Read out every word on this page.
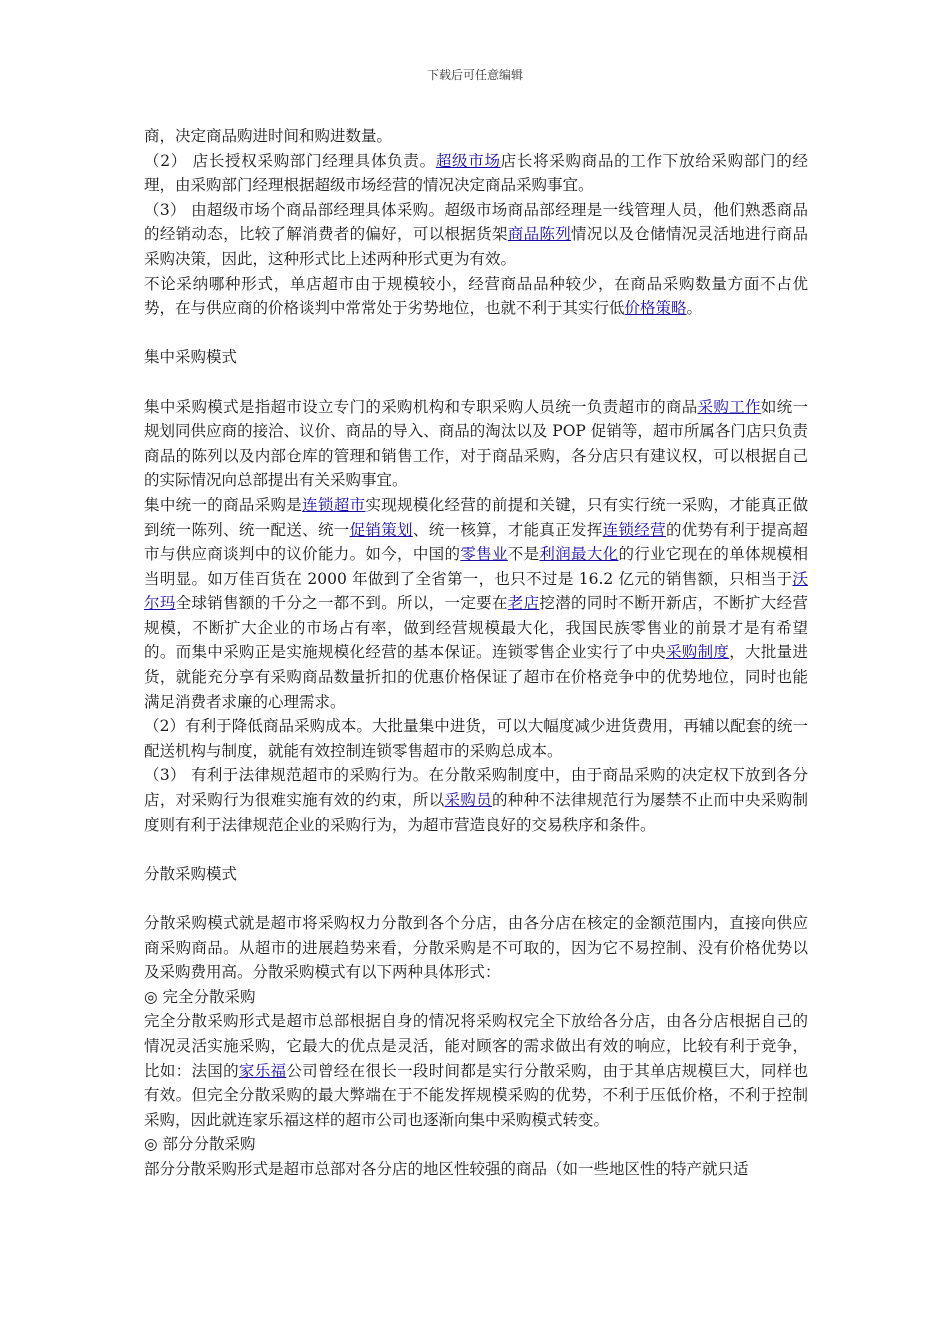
下载后可任意编辑

商，决定商品购进时间和购进数量。

（2） 店长授权采购部门经理具体负责。超级市场店长将采购商品的工作下放给采购部门的经理，由采购部门经理根据超级市场经营的情况决定商品采购事宜。

（3） 由超级市场个商品部经理具体采购。超级市场商品部经理是一线管理人员，他们熟悉商品的经销动态，比较了解消费者的偏好，可以根据货架商品陈列情况以及仓储情况灵活地进行商品采购决策，因此，这种形式比上述两种形式更为有效。

不论采纳哪种形式，单店超市由于规模较小，经营商品品种较少，在商品采购数量方面不占优势，在与供应商的价格谈判中常常处于劣势地位，也就不利于其实行低价格策略。

集中采购模式

集中采购模式是指超市设立专门的采购机构和专职采购人员统一负责超市的商品采购工作如统一规划同供应商的接洽、议价、商品的导入、商品的淘汰以及 POP 促销等，超市所属各门店只负责商品的陈列以及内部仓库的管理和销售工作，对于商品采购，各分店只有建议权，可以根据自己的实际情况向总部提出有关采购事宜。

集中统一的商品采购是连锁超市实现规模化经营的前提和关键，只有实行统一采购，才能真正做到统一陈列、统一配送、统一促销策划、统一核算，才能真正发挥连锁经营的优势有利于提高超市与供应商谈判中的议价能力。如今，中国的零售业不是利润最大化的行业它现在的单体规模相当明显。如万佳百货在 2000 年做到了全省第一，也只不过是 16.2 亿元的销售额，只相当于沃尔玛全球销售额的千分之一都不到。所以，一定要在老店挖潜的同时不断开新店，不断扩大经营规模，不断扩大企业的市场占有率，做到经营规模最大化，我国民族零售业的前景才是有希望的。而集中采购正是实施规模化经营的基本保证。连锁零售企业实行了中央采购制度，大批量进货，就能充分享有采购商品数量折扣的优惠价格保证了超市在价格竞争中的优势地位，同时也能满足消费者求廉的心理需求。

（2）有利于降低商品采购成本。大批量集中进货，可以大幅度减少进货费用，再辅以配套的统一配送机构与制度，就能有效控制连锁零售超市的采购总成本。

（3） 有利于法律规范超市的采购行为。在分散采购制度中，由于商品采购的决定权下放到各分店，对采购行为很难实施有效的约束，所以采购员的种种不法律规范行为屡禁不止而中央采购制度则有利于法律规范企业的采购行为，为超市营造良好的交易秩序和条件。

分散采购模式

分散采购模式就是超市将采购权力分散到各个分店，由各分店在核定的金额范围内，直接向供应商采购商品。从超市的进展趋势来看，分散采购是不可取的，因为它不易控制、没有价格优势以及采购费用高。分散采购模式有以下两种具体形式：

◎ 完全分散采购

完全分散采购形式是超市总部根据自身的情况将采购权完全下放给各分店，由各分店根据自己的情况灵活实施采购，它最大的优点是灵活，能对顾客的需求做出有效的响应，比较有利于竞争，比如：法国的家乐福公司曾经在很长一段时间都是实行分散采购，由于其单店规模巨大，同样也有效。但完全分散采购的最大弊端在于不能发挥规模采购的优势，不利于压低价格，不利于控制采购，因此就连家乐福这样的超市公司也逐渐向集中采购模式转变。

◎ 部分分散采购

部分分散采购形式是超市总部对各分店的地区性较强的商品（如一些地区性的特产就只适
